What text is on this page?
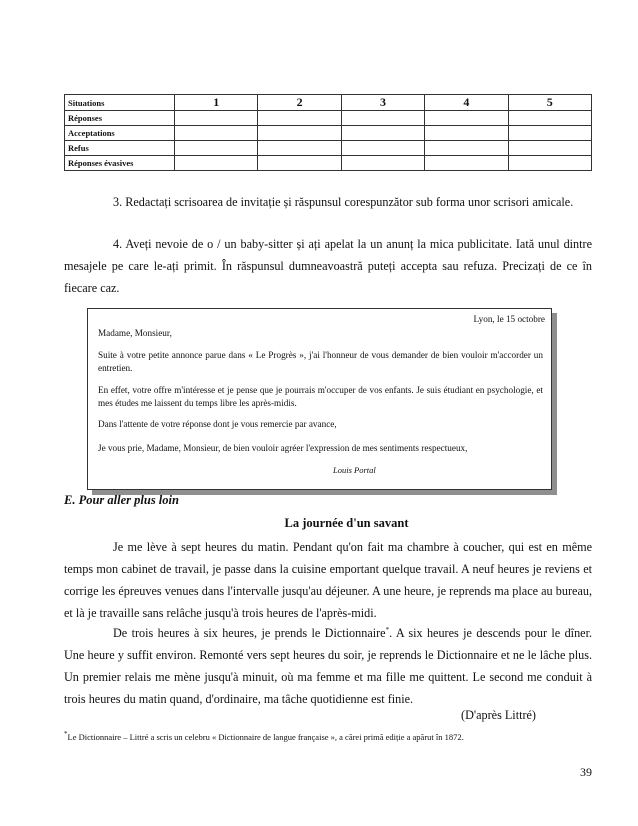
Situations	1	2	3	4	5
Réponses					
Acceptations					
Refus					
Réponses évasives					

3. Redactați scrisoarea de invitație și răspunsul corespunzător sub forma unor scrisori amicale.

4. Aveți nevoie de o / un baby-sitter și ați apelat la un anunț la mica publicitate. Iată unul dintre mesajele pe care le-ați primit. În răspunsul dumneavoastră puteți accepta sau refuza. Precizați de ce în fiecare caz.

Lyon, le 15 octobre

Madame, Monsieur,

Suite à votre petite annonce parue dans « Le Progrès », j'ai l'honneur de vous demander de bien vouloir m'accorder un entretien.

En effet, votre offre m'intéresse et je pense que je pourrais m'occuper de vos enfants. Je suis étudiant en psychologie, et mes études me laissent du temps libre les après-midis.

Dans l'attente de votre réponse dont je vous remercie par avance,

Je vous prie, Madame, Monsieur, de bien vouloir agréer l'expression de mes sentiments respectueux,

Louis Portal

E. Pour aller plus loin

La journée d'un savant

Je me lève à sept heures du matin. Pendant qu'on fait ma chambre à coucher, qui est en même temps mon cabinet de travail, je passe dans la cuisine emportant quelque travail. A neuf heures je reviens et corrige les épreuves venues dans l'intervalle jusqu'au déjeuner. A une heure, je reprends ma place au bureau, et là je travaille sans relâche jusqu'à trois heures de l'après-midi.

De trois heures à six heures, je prends le Dictionnaire*. A six heures je descends pour le dîner. Une heure y suffit environ. Remonté vers sept heures du soir, je reprends le Dictionnaire et ne le lâche plus. Un premier relais me mène jusqu'à minuit, où ma femme et ma fille me quittent. Le second me conduit à trois heures du matin quand, d'ordinaire, ma tâche quotidienne est finie.

(D'après Littré)

*Le Dictionnaire – Littré a scris un celebru « Dictionnaire de langue française », a cărei primă ediție a apărut în 1872.

39
